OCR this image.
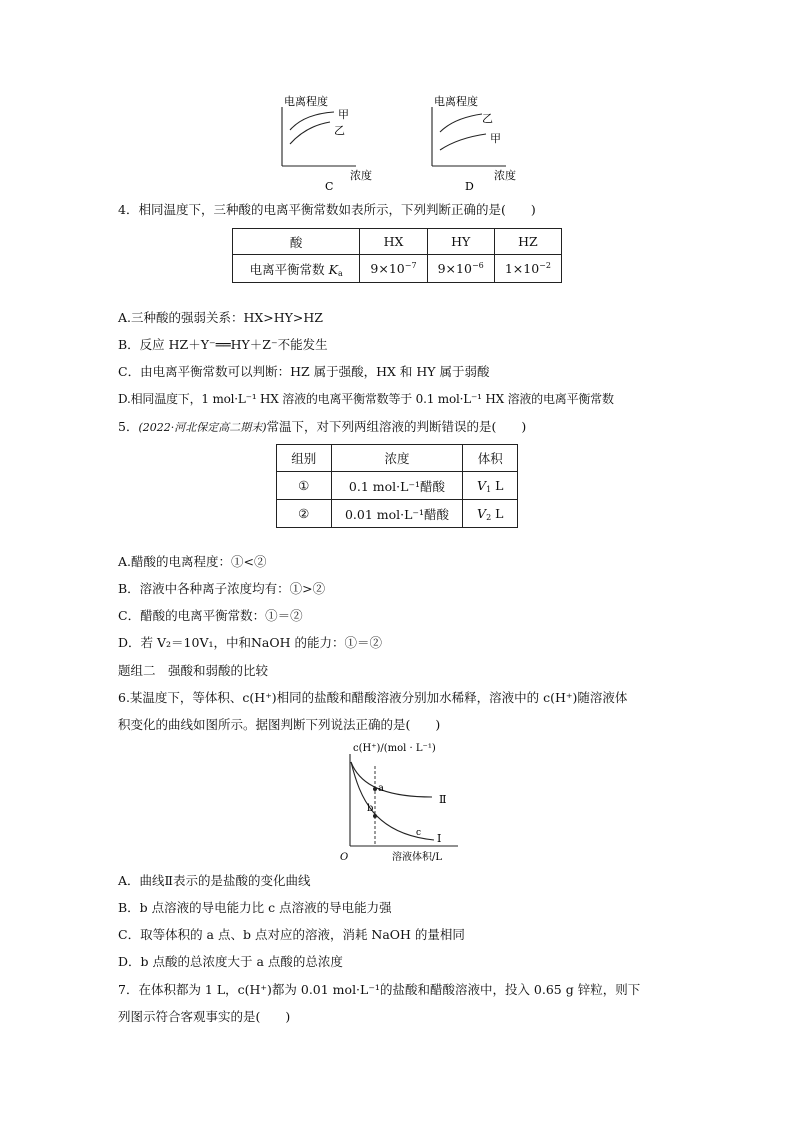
电离程度
甲
乙
浓度
C
电离程度
乙
甲
浓度
D
4．相同温度下，三种酸的电离平衡常数如表所示，下列判断正确的是(　　)
酸	HX	HY	HZ
电离平衡常数 $K_a$	$9\times 10^{-7}$	$9\times 10^{-6}$	$1\times 10^{-2}$
A.三种酸的强弱关系：HX>HY>HZ
B．反应 HZ＋Y⁻══HY＋Z⁻不能发生
C．由电离平衡常数可以判断：HZ 属于强酸，HX 和 HY 属于弱酸
D.相同温度下，1 mol·L⁻¹ HX 溶液的电离平衡常数等于 0.1 mol·L⁻¹ HX 溶液的电离平衡常数
5．(2022·河北保定高二期末)常温下，对下列两组溶液的判断错误的是(　　)
组别	浓度	体积
①	0.1 mol·L⁻¹醋酸	$V_1$ L
②	0.01 mol·L⁻¹醋酸	$V_2$ L
A.醋酸的电离程度：①<②
B．溶液中各种离子浓度均有：①>②
C．醋酸的电离平衡常数：①＝②
D．若 V₂＝10V₁，中和NaOH 的能力：①＝②
题组二　强酸和弱酸的比较
6.某温度下，等体积、c(H⁺)相同的盐酸和醋酸溶液分别加水稀释，溶液中的 c(H⁺)随溶液体
积变化的曲线如图所示。据图判断下列说法正确的是(　　)
c(H⁺)/(mol · L⁻¹)
a
b
c
Ⅱ
Ⅰ
O	溶液体积/L
A．曲线Ⅱ表示的是盐酸的变化曲线
B．b 点溶液的导电能力比 c 点溶液的导电能力强
C．取等体积的 a 点、b 点对应的溶液，消耗 NaOH 的量相同
D．b 点酸的总浓度大于 a 点酸的总浓度
7．在体积都为 1 L，c(H⁺)都为 0.01 mol·L⁻¹的盐酸和醋酸溶液中，投入 0.65 g 锌粒，则下
列图示符合客观事实的是(　　)
